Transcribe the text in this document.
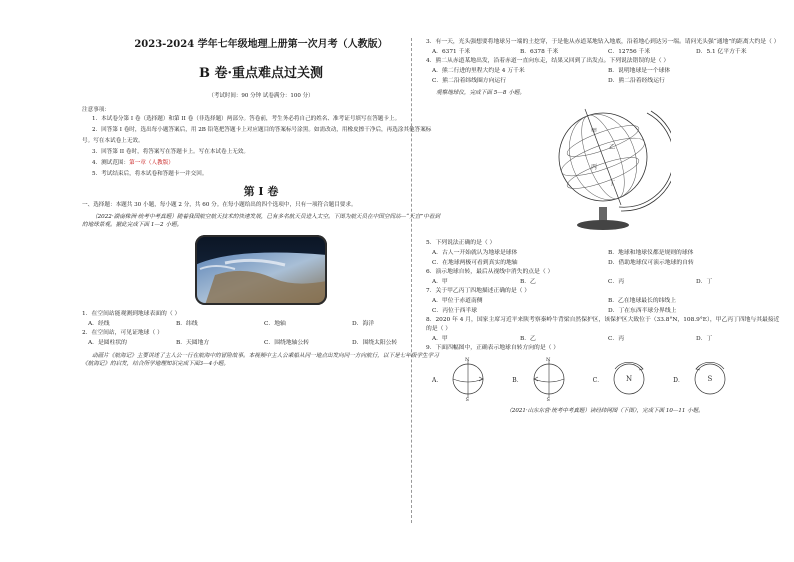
2023-2024 学年七年级地理上册第一次月考（人教版）
B 卷·重点难点过关测
（考试时间：90 分钟 试卷满分：100 分）
注意事项：
1．本试卷分第 I 卷（选择题）和第 II 卷（非选择题）两部分。答卷前，考生务必将自己的姓名、准考证号填写在答题卡上。
2．回答第 I 卷时，选出每小题答案后，用 2B 铅笔把答题卡上对应题目的答案标号涂黑。如需改动，用橡皮擦干净后，再选涂其他答案标号。写在本试卷上无效。
3．回答第 II 卷时，将答案写在答题卡上。写在本试卷上无效。
4．测试范围：第一章（人教版）
5．考试结束后，将本试卷和答题卡一并交回。
第 I 卷
一、选择题：本题共 30 小题，每小题 2 分，共 60 分。在每小题给出的四个选项中，只有一项符合题目要求。
（2022·湖南株洲·统考中考真题）随着我国航空航天技术的快速发展，已有多名航天员进入太空。下图为航天员在中国空间站—“天宫”中看到的地球景观。据此完成下面 1—2 小题。
1．在空间站能观测到地球表面的（ ）
A．经线	B．纬线	C．地轴	D．海洋
2．在空间站，可见证地球（ ）
A．是圆柱状的	B．天圆地方	C．围绕地轴公转	D．围绕太阳公转
动画片《航海记》主要讲述了主人公一行在航海中的冒险故事。本视频中主人公乘船从同一地点出发向同一方向航行，以下是七年级学生学习《航海记》的启发，结合所学地理知识完成下面3—4小题。
3．有一天，光头强想要将地球另一端的土挖穿，于是他从赤道某地钻入地底，沿着地心到达另一端。请问光头强“通地”的距离大约是（ ）
A．6371 千米	B．6378 千米	C．12756 千米	D．5.1 亿平方千米
4．熊二从赤道某地出发，沿着赤道一直向东走，结果又回到了出发点。下列说法错误的是（ ）
A．熊二行进的里程大约是 4 万千米	B．说明地球是一个球体
C．熊二沿着纬线圈方向运行	D．熊二沿着经线运行
观察地球仪，完成下面 5—8 小题。
甲
乙
丙
丁
5．下列说法正确的是（ ）
A．古人一开始就认为地球是球体	B．地球和地球仪都是规则的球体
C．在地球两极可看到真实的地轴	D．借助地球仪可演示地球的自转
6．演示地球自转，最后从视线中消失的点是（ ）
A．甲	B．乙	C．丙	D．丁
7．关于甲乙丙丁四地描述正确的是（ ）
A．甲位于赤道南侧	B．乙在地球最长的纬线上
C．丙位于西半球	D．丁在东西半球分界线上
8．2020 年 4 月，国家主席习近平来陕考察秦岭牛背梁自然保护区，该保护区大致位于（33.8°N，108.9°E），甲乙丙丁四地与其最接近的是（ ）
A．甲	B．乙	C．丙	D．丁
9．下面四幅图中，正确表示地球自转方向的是（ ）
A．
N
S
B．
N
S
C．	N	D．	S
（2021·山东东营·统考中考真题）读经纬网图（下图），完成下面 10—11 小题。
